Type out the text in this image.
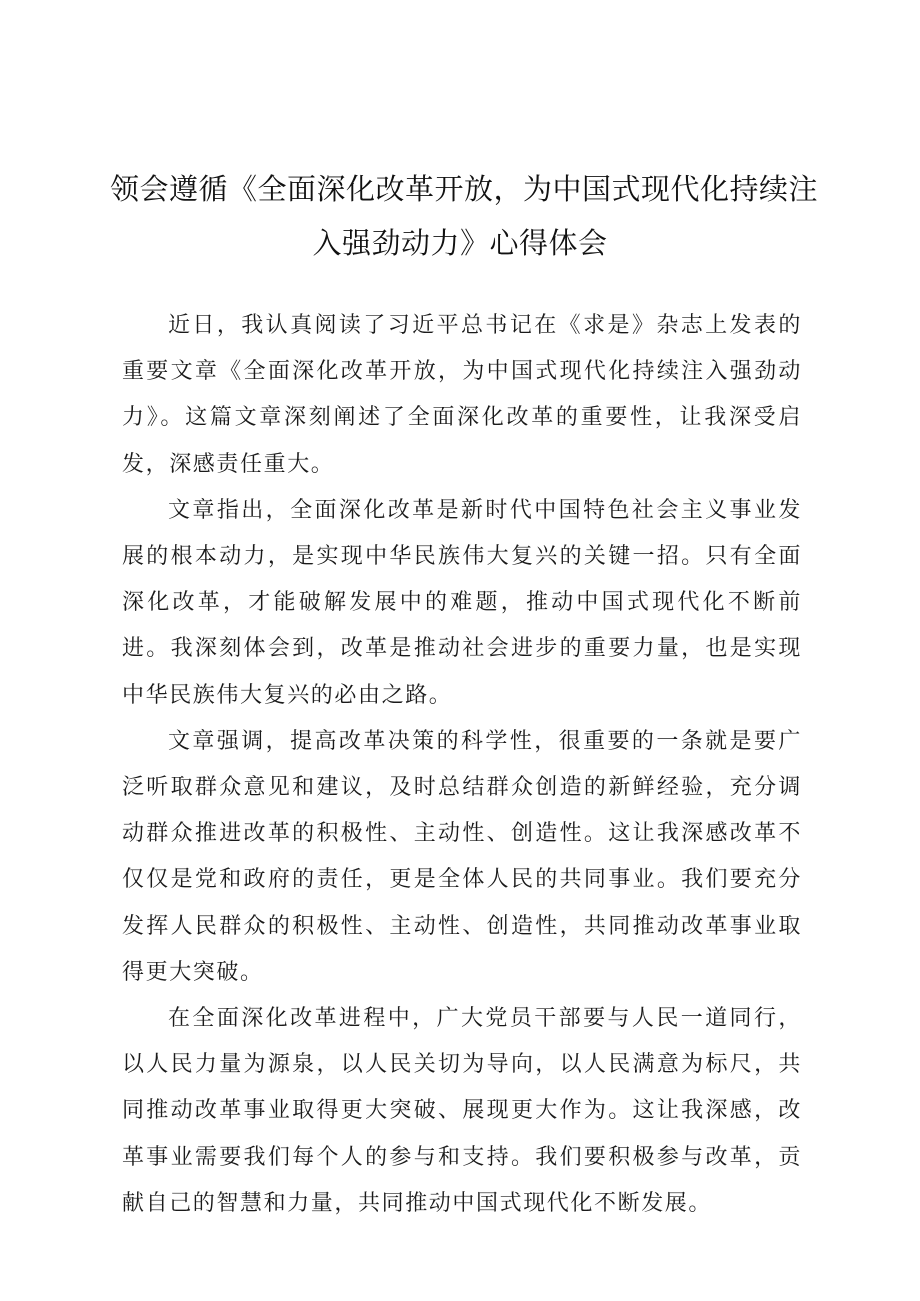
领会遵循《全面深化改革开放，为中国式现代化持续注
入强劲动力》心得体会

近日，我认真阅读了习近平总书记在《求是》杂志上发表的重要文章《全面深化改革开放，为中国式现代化持续注入强劲动力》。这篇文章深刻阐述了全面深化改革的重要性，让我深受启发，深感责任重大。

文章指出，全面深化改革是新时代中国特色社会主义事业发展的根本动力，是实现中华民族伟大复兴的关键一招。只有全面深化改革，才能破解发展中的难题，推动中国式现代化不断前进。我深刻体会到，改革是推动社会进步的重要力量，也是实现中华民族伟大复兴的必由之路。

文章强调，提高改革决策的科学性，很重要的一条就是要广泛听取群众意见和建议，及时总结群众创造的新鲜经验，充分调动群众推进改革的积极性、主动性、创造性。这让我深感改革不仅仅是党和政府的责任，更是全体人民的共同事业。我们要充分发挥人民群众的积极性、主动性、创造性，共同推动改革事业取得更大突破。

在全面深化改革进程中，广大党员干部要与人民一道同行，以人民力量为源泉，以人民关切为导向，以人民满意为标尺，共同推动改革事业取得更大突破、展现更大作为。这让我深感，改革事业需要我们每个人的参与和支持。我们要积极参与改革，贡献自己的智慧和力量，共同推动中国式现代化不断发展。
